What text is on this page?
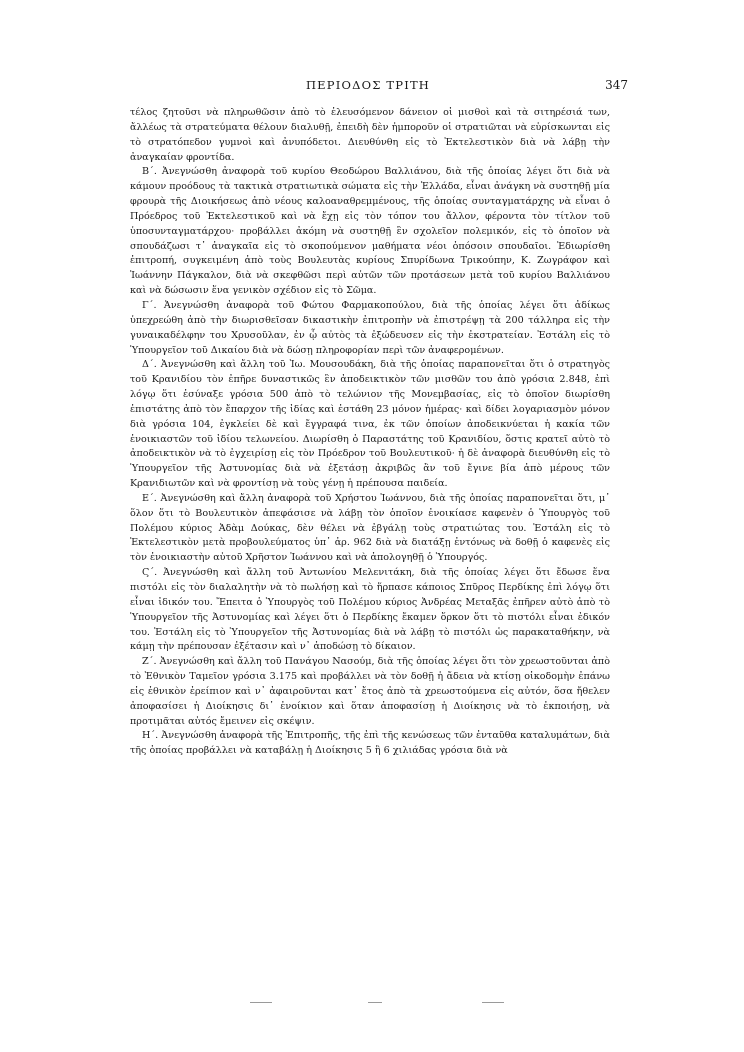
ΠΕΡΙΟΔΟΣ ΤΡΙΤΗ	347

τέλος ζητοῦσι νὰ πληρωθῶσιν ἀπὸ τὸ ἐλευσόμενον δάνειον οἱ μισθοὶ καὶ τὰ σιτηρέσιά των, ἄλλέως τὰ στρατεύματα θέλουν διαλυθῇ, ἐπειδὴ δὲν ἠμποροῦν οἱ στρατιῶται νὰ εὑρίσκωνται εἰς τὸ στρατόπεδον γυμνοὶ καὶ ἀνυπόδετοι. Διευθύνθη εἰς τὸ Ἐκτελεστικὸν διὰ νὰ λάβῃ τὴν ἀναγκαίαν φροντίδα.

Β΄. Ἀνεγνώσθη ἀναφορὰ τοῦ κυρίου Θεοδώρου Βαλλιάνου, διὰ τῆς ὁποίας λέγει ὅτι διὰ νὰ κάμουν προόδους τὰ τακτικὰ στρατιωτικὰ σώματα εἰς τὴν Ἑλλάδα, εἶναι ἀνάγκη νὰ συστηθῇ μία φρουρὰ τῆς Διοικήσεως ἀπὸ νέους καλοαναθρεμμένους, τῆς ὁποίας συνταγματάρχης νὰ εἶναι ὁ Πρόεδρος τοῦ Ἐκτελεστικοῦ καὶ νὰ ἔχῃ εἰς τὸν τόπον του ἄλλον, φέροντα τὸν τίτλον τοῦ ὑποσυνταγματάρχου· προβάλλει ἀκόμη νὰ συστηθῇ ἓν σχολεῖον πολεμικόν, εἰς τὸ ὁποῖον νὰ σπουδάζωσι τ᾽ ἀναγκαῖα εἰς τὸ σκοπούμενον μαθήματα νέοι ὁπόσοιν σπουδαῖοι. Ἐδιωρίσθη ἐπιτροπή, συγκειμένη ἀπὸ τοὺς Βουλευτὰς κυρίους Σπυρίδωνα Τρικούπην, Κ. Ζωγράφον καὶ Ἰωάννην Πάγκαλον, διὰ νὰ σκεφθῶσι περὶ αὐτῶν τῶν προτάσεων μετὰ τοῦ κυρίου Βαλλιάνου καὶ νὰ δώσωσιν ἕνα γενικὸν σχέδιον εἰς τὸ Σῶμα.

Γ΄. Ἀνεγνώσθη ἀναφορὰ τοῦ Φώτου Φαρμακοπούλου, διὰ τῆς ὁποίας λέγει ὅτι ἀδίκως ὑπεχρεώθη ἀπὸ τὴν διωρισθεῖσαν δικαστικὴν ἐπιτροπὴν νὰ ἐπιστρέψῃ τὰ 200 τάλληρα εἰς τὴν γυναικαδέλφην του Χρυσοῦλαν, ἐν ᾧ αὐτὸς τὰ ἐξώδευσεν εἰς τὴν ἐκστρατείαν. Ἐστάλη εἰς τὸ Ὑπουργεῖον τοῦ Δικαίου διὰ νὰ δώσῃ πληροφορίαν περὶ τῶν ἀναφερομένων.

Δ΄. Ἀνεγνώσθη καὶ ἄλλη τοῦ Ἰω. Μουσουδάκη, διὰ τῆς ὁποίας παραπονεῖται ὅτι ὁ στρατηγὸς τοῦ Κρανιδίου τὸν ἐπῆρε δυναστικῶς ἓν ἀποδεικτικὸν τῶν μισθῶν του ἀπὸ γρόσια 2.848, ἐπὶ λόγῳ ὅτι ἐσύναξε γρόσια 500 ἀπὸ τὸ τελώνιον τῆς Μονεμβασίας, εἰς τὸ ὁποῖον διωρίσθη ἐπιστάτης ἀπὸ τὸν ἔπαρχον τῆς ἰδίας καὶ ἐστάθη 23 μόνον ἡμέρας· καὶ δίδει λογαριασμὸν μόνον διὰ γρόσια 104, ἐγκλείει δὲ καὶ ἔγγραφά τινα, ἐκ τῶν ὁποίων ἀποδεικνύεται ἡ κακία τῶν ἐνοικιαστῶν τοῦ ἰδίου τελωνείου. Διωρίσθη ὁ Παραστάτης τοῦ Κρανιδίου, ὅστις κρατεῖ αὐτὸ τὸ ἀποδεικτικὸν νὰ τὸ ἐγχειρίσῃ εἰς τὸν Πρόεδρον τοῦ Βουλευτικοῦ· ἡ δὲ ἀναφορὰ διευθύνθη εἰς τὸ Ὑπουργεῖον τῆς Ἀστυνομίας διὰ νὰ ἐξετάσῃ ἀκριβῶς ἂν τοῦ ἔγινε βία ἀπὸ μέρους τῶν Κρανιδιωτῶν καὶ νὰ φροντίσῃ νὰ τοὺς γένῃ ἡ πρέπουσα παιδεία.

Ε΄. Ἀνεγνώσθη καὶ ἄλλη ἀναφορὰ τοῦ Χρήστου Ἰωάννου, διὰ τῆς ὁποίας παραπονεῖται ὅτι, μ᾽ ὅλον ὅτι τὸ Βουλευτικὸν ἀπεφάσισε νὰ λάβῃ τὸν ὁποῖον ἐνοικίασε καφενὲν ὁ Ὑπουργὸς τοῦ Πολέμου κύριος Ἀδὰμ Δούκας, δὲν θέλει νὰ ἐβγάλῃ τοὺς στρατιώτας του. Ἐστάλη εἰς τὸ Ἐκτελεστικὸν μετὰ προβουλεύματος ὑπ᾽ ἀρ. 962 διὰ νὰ διατάξῃ ἐντόνως νὰ δοθῇ ὁ καφενὲς εἰς τὸν ἐνοικιαστὴν αὐτοῦ Χρῆστον Ἰωάννου καὶ νὰ ἀπολογηθῇ ὁ Ὑπουργός.

Ϛ΄. Ἀνεγνώσθη καὶ ἄλλη τοῦ Ἀντωνίου Μελενιτάκη, διὰ τῆς ὁποίας λέγει ὅτι ἔδωσε ἕνα πιστόλι εἰς τὸν διαλαλητὴν νὰ τὸ πωλήσῃ καὶ τὸ ἥρπασε κάποιος Σπῦρος Περδίκης ἐπὶ λόγῳ ὅτι εἶναι ἰδικόν του. Ἔπειτα ὁ Ὑπουργὸς τοῦ Πολέμου κύριος Ἀνδρέας Μεταξᾶς ἐπῆρεν αὐτὸ ἀπὸ τὸ Ὑπουργεῖον τῆς Ἀστυνομίας καὶ λέγει ὅτι ὁ Περδίκης ἔκαμεν ὅρκον ὅτι τὸ πιστόλι εἶναι ἐδικόν του. Ἐστάλη εἰς τὸ Ὑπουργεῖον τῆς Ἀστυνομίας διὰ νὰ λάβῃ τὸ πιστόλι ὡς παρακαταθήκην, νὰ κάμῃ τὴν πρέπουσαν ἐξέτασιν καὶ ν᾽ ἀποδώσῃ τὸ δίκαιον.

Ζ΄. Ἀνεγνώσθη καὶ ἄλλη τοῦ Πανάγου Νασούμ, διὰ τῆς ὁποίας λέγει ὅτι τὸν χρεωστοῦνται ἀπὸ τὸ Ἐθνικὸν Ταμεῖον γρόσια 3.175 καὶ προβάλλει νὰ τὸν δοθῇ ἡ ἄδεια νὰ κτίσῃ οἰκοδομὴν ἐπάνω εἰς ἐθνικὸν ἐρείπιον καὶ ν᾽ ἀφαιροῦνται κατ᾽ ἔτος ἀπὸ τὰ χρεωστούμενα εἰς αὐτόν, ὅσα ἤθελεν ἀποφασίσει ἡ Διοίκησις δι᾽ ἐνοίκιον καὶ ὅταν ἀποφασίσῃ ἡ Διοίκησις νὰ τὸ ἐκποιήσῃ, νὰ προτιμᾶται αὐτός ἔμεινεν εἰς σκέψιν.

Η΄. Ἀνεγνώσθη ἀναφορὰ τῆς Ἐπιτροπῆς, τῆς ἐπὶ τῆς κενώσεως τῶν ἐνταῦθα καταλυμάτων, διὰ τῆς ὁποίας προβάλλει νὰ καταβάλῃ ἡ Διοίκησις 5 ἢ 6 χιλιάδας γρόσια διὰ νὰ
